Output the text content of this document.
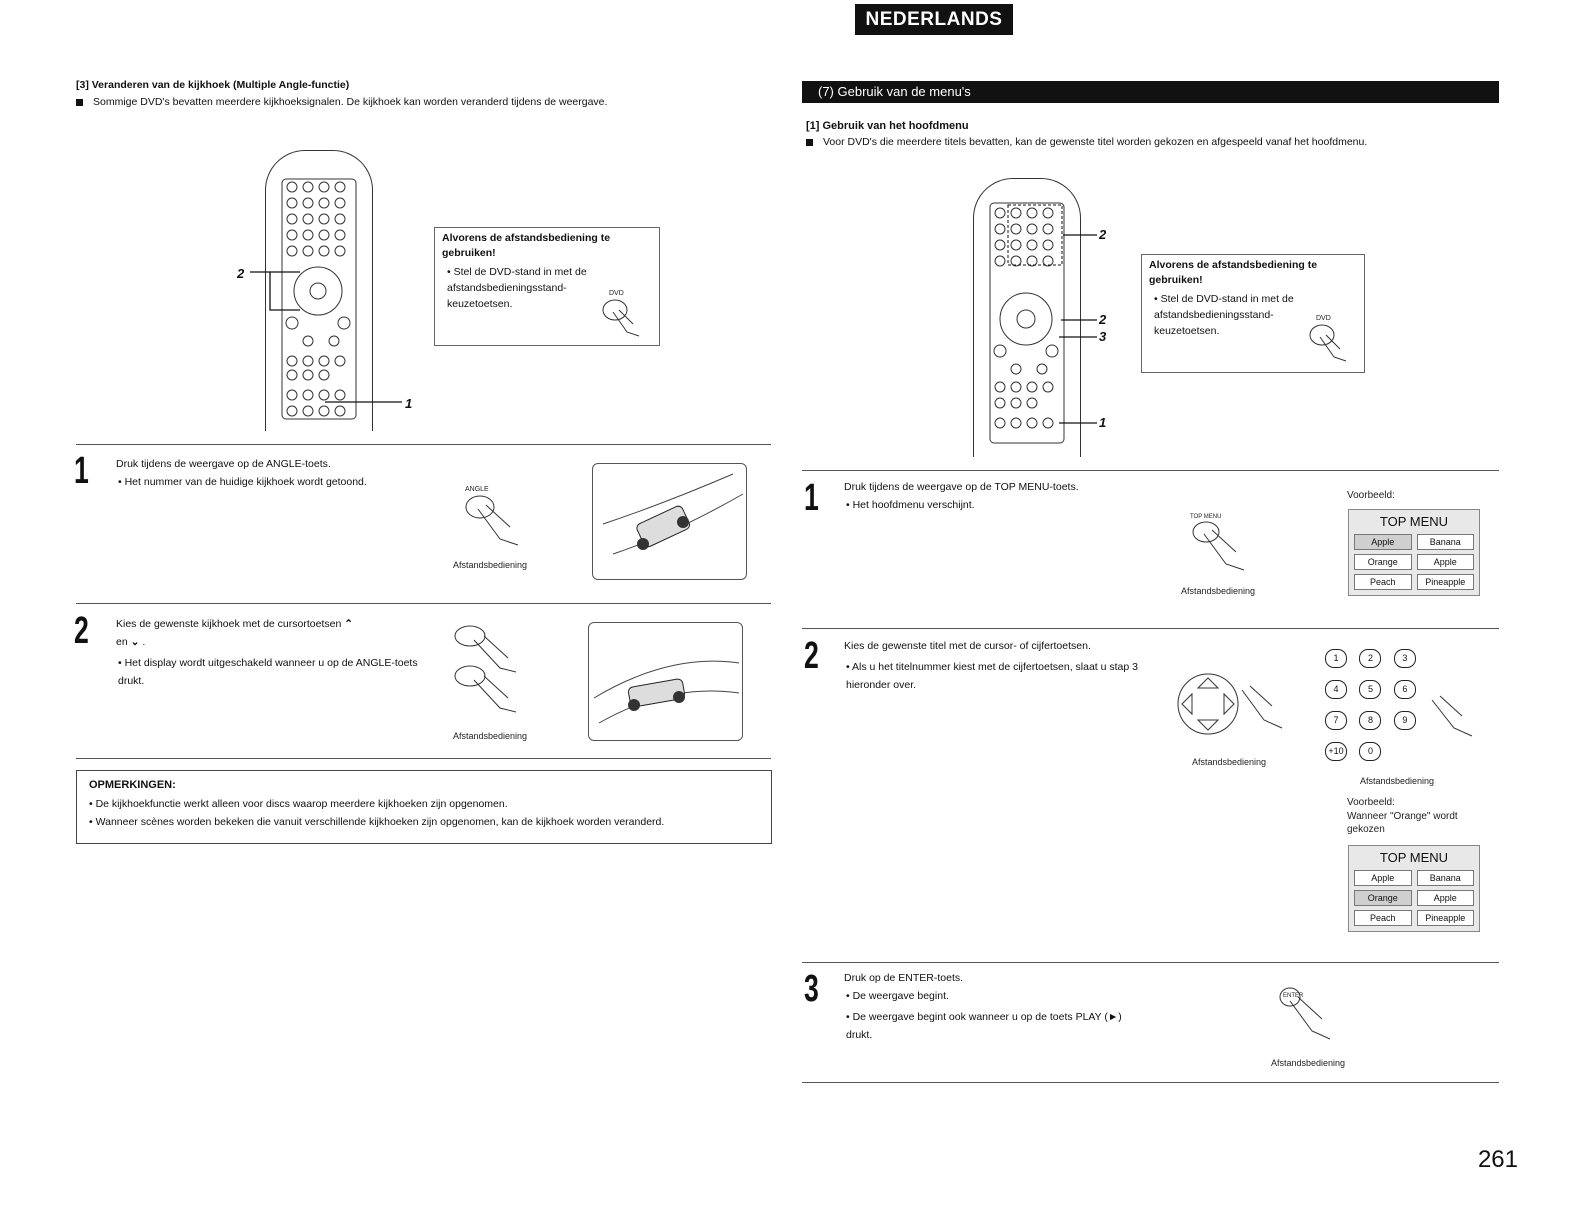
NEDERLANDS
[3] Veranderen van de kijkhoek (Multiple Angle-functie)
Sommige DVD's bevatten meerdere kijkhoeksignalen. De kijkhoek kan worden veranderd tijdens de weergave.
2
1
Alvorens de afstandsbediening te gebruiken!
• Stel de DVD-stand in met de afstandsbedieningsstand-keuzetoetsen.
DVD
1	Druk tijdens de weergave op de ANGLE-toets.
• Het nummer van de huidige kijkhoek wordt getoond.
ANGLE
Afstandsbediening
2	Kies de gewenste kijkhoek met de cursortoetsen ⌃
en ⌄ .
• Het display wordt uitgeschakeld wanneer u op de ANGLE-toets drukt.
Afstandsbediening
OPMERKINGEN:
• De kijkhoekfunctie werkt alleen voor discs waarop meerdere kijkhoeken zijn opgenomen.
• Wanneer scènes worden bekeken die vanuit verschillende kijkhoeken zijn opgenomen, kan de kijkhoek worden veranderd.
(7) Gebruik van de menu's
[1] Gebruik van het hoofdmenu
Voor DVD's die meerdere titels bevatten, kan de gewenste titel worden gekozen en afgespeeld vanaf het hoofdmenu.
2
2
3
1
Alvorens de afstandsbediening te gebruiken!
• Stel de DVD-stand in met de afstandsbedieningsstand-keuzetoetsen.
DVD
1 Druk tijdens de weergave op de TOP MENU-toets.
• Het hoofdmenu verschijnt.
TOP MENU
Afstandsbediening
Voorbeeld:
TOP MENU
Apple	Banana
Orange	Apple
Peach	Pineapple
2 Kies de gewenste titel met de cursor- of cijfertoetsen.
• Als u het titelnummer kiest met de cijfertoetsen, slaat u stap 3 hieronder over.
Afstandsbediening
1	2	3
4	5	6
7	8	9
+10	0
Afstandsbediening
Voorbeeld:
Wanneer "Orange" wordt gekozen
TOP MENU
Apple	Banana
Orange	Apple
Peach	Pineapple
3 Druk op de ENTER-toets.
• De weergave begint.
• De weergave begint ook wanneer u op de toets PLAY (►) drukt.
ENTER
Afstandsbediening
261
